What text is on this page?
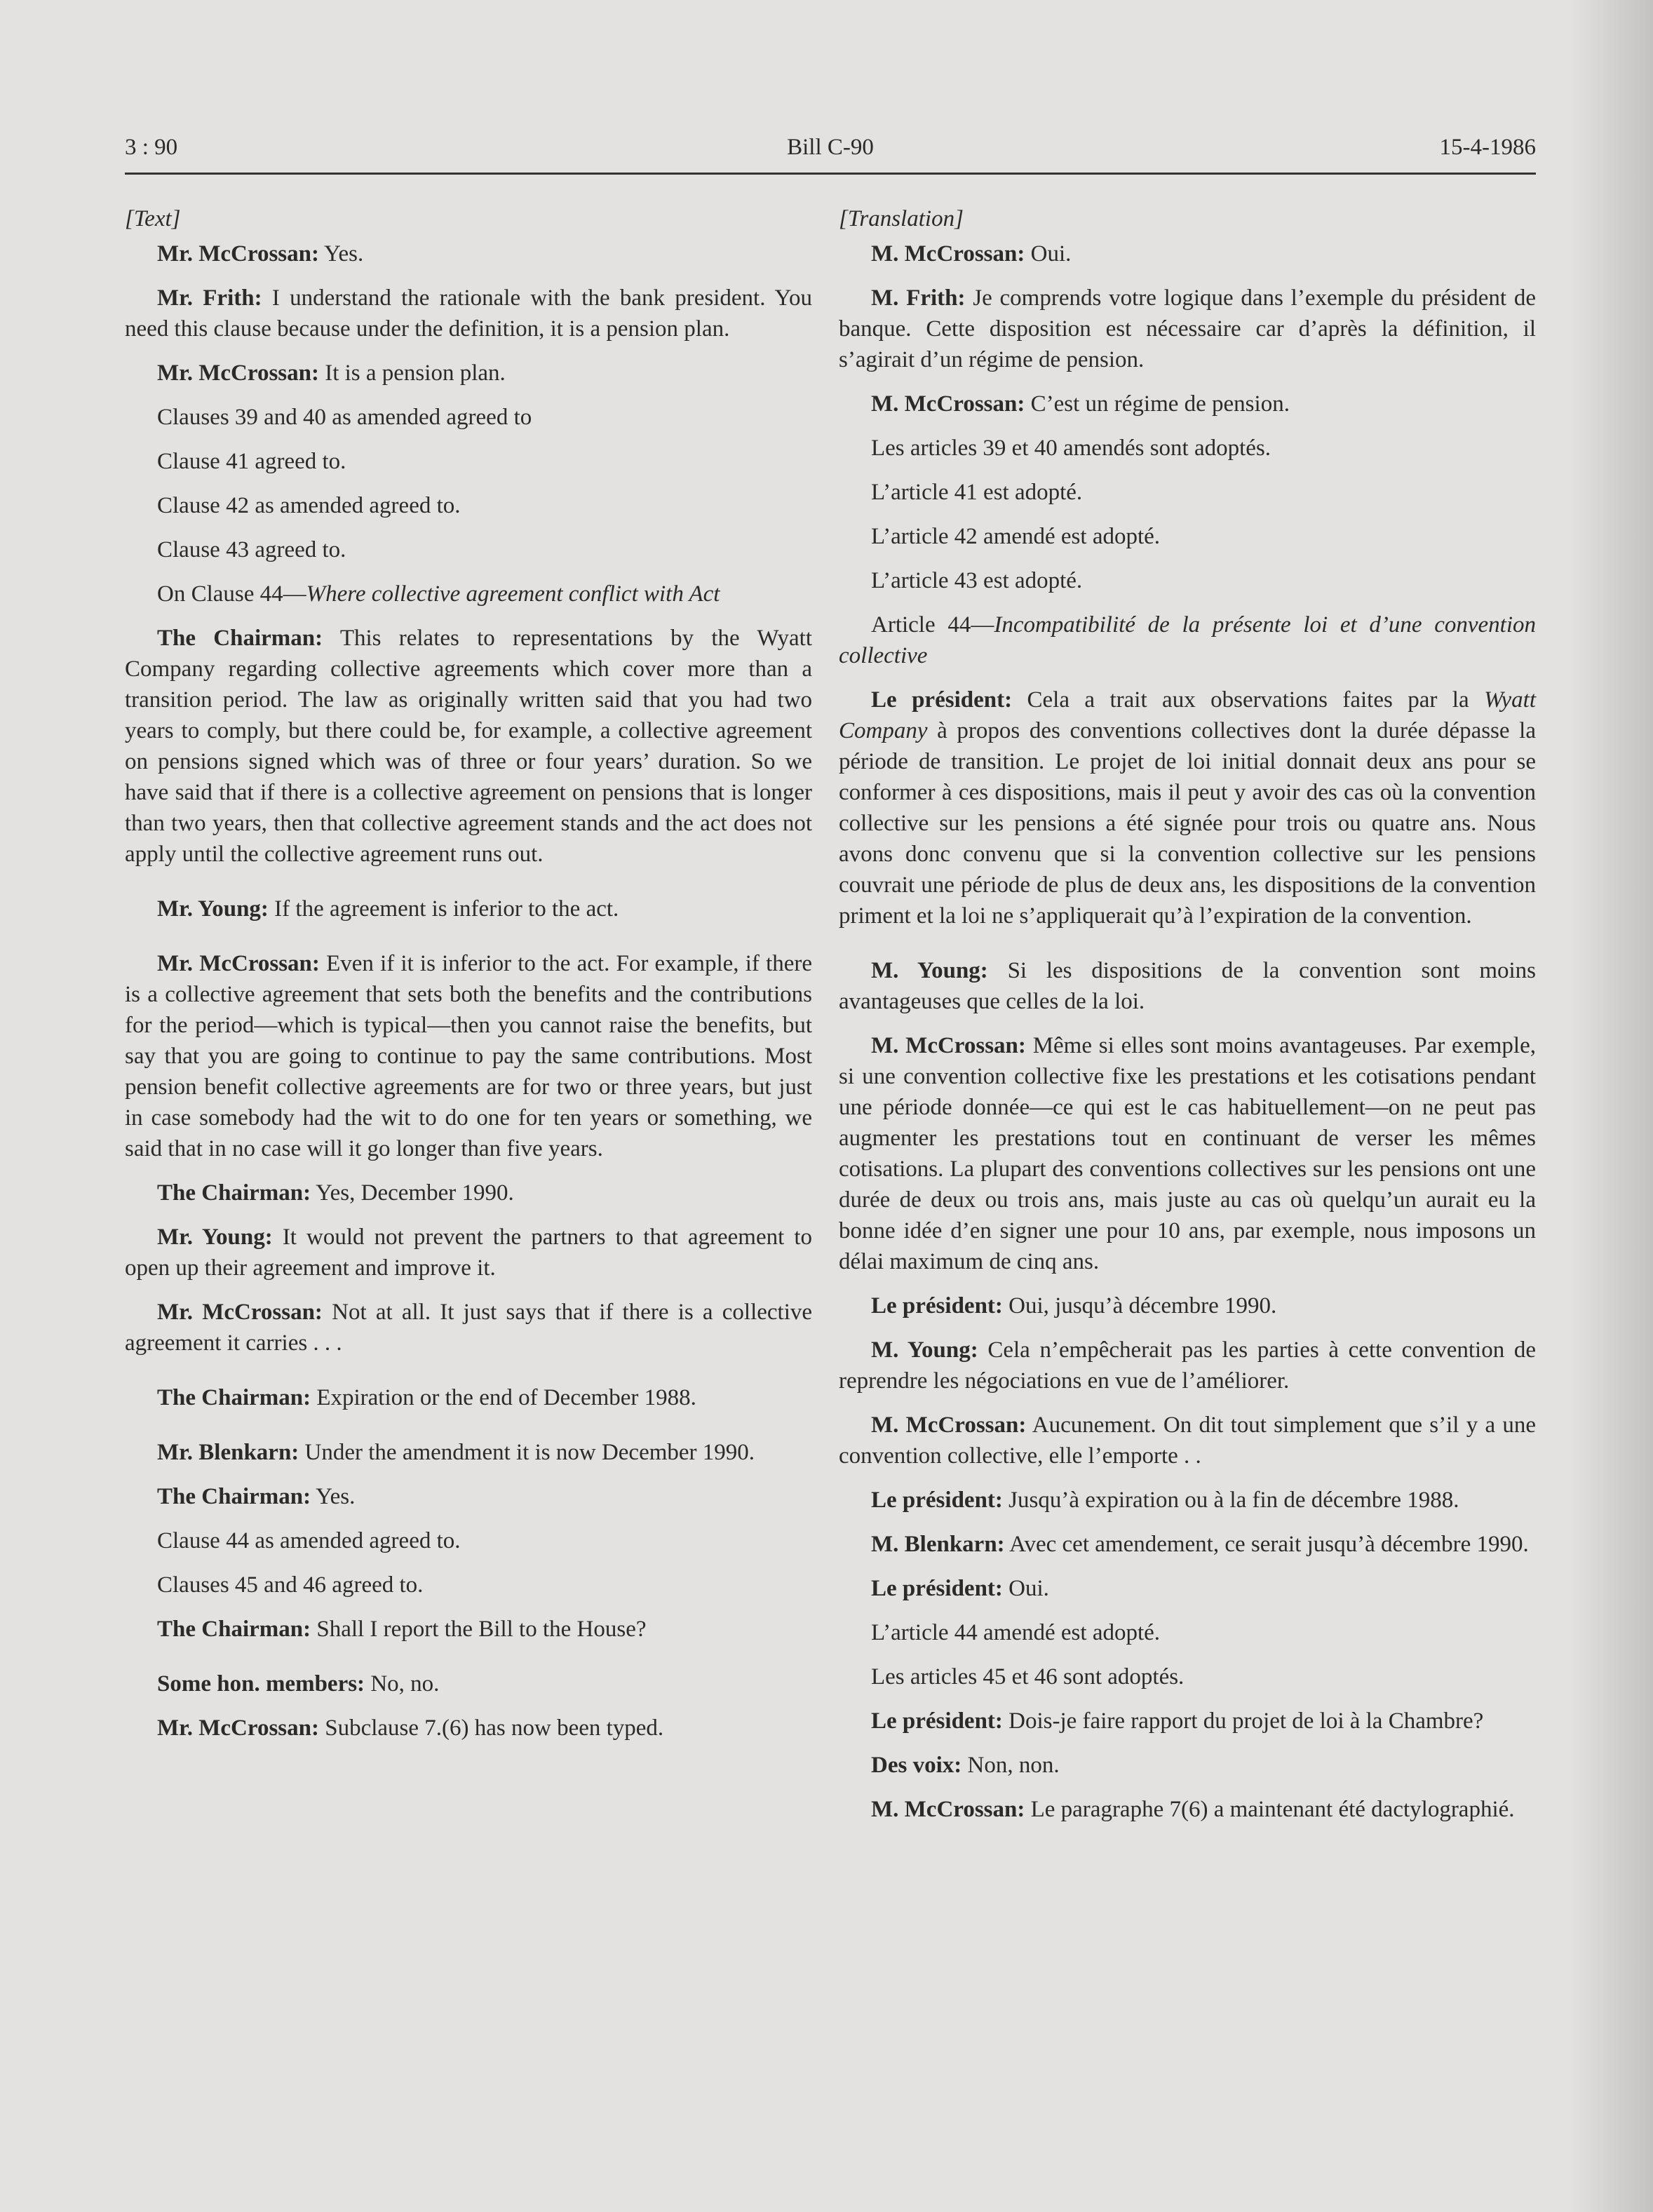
3 : 90	Bill C-90	15-4-1986

[Text]

Mr. McCrossan: Yes.

Mr. Frith: I understand the rationale with the bank president. You need this clause because under the definition, it is a pension plan.

Mr. McCrossan: It is a pension plan.

Clauses 39 and 40 as amended agreed to

Clause 41 agreed to.

Clause 42 as amended agreed to.

Clause 43 agreed to.

On Clause 44—Where collective agreement conflict with Act

The Chairman: This relates to representations by the Wyatt Company regarding collective agreements which cover more than a transition period. The law as originally written said that you had two years to comply, but there could be, for example, a collective agreement on pensions signed which was of three or four years’ duration. So we have said that if there is a collective agreement on pensions that is longer than two years, then that collective agreement stands and the act does not apply until the collective agreement runs out.

Mr. Young: If the agreement is inferior to the act.

Mr. McCrossan: Even if it is inferior to the act. For example, if there is a collective agreement that sets both the benefits and the contributions for the period—which is typical—then you cannot raise the benefits, but say that you are going to continue to pay the same contributions. Most pension benefit collective agreements are for two or three years, but just in case somebody had the wit to do one for ten years or something, we said that in no case will it go longer than five years.

The Chairman: Yes, December 1990.

Mr. Young: It would not prevent the partners to that agreement to open up their agreement and improve it.

Mr. McCrossan: Not at all. It just says that if there is a collective agreement it carries . . .

The Chairman: Expiration or the end of December 1988.

Mr. Blenkarn: Under the amendment it is now December 1990.

The Chairman: Yes.

Clause 44 as amended agreed to.

Clauses 45 and 46 agreed to.

The Chairman: Shall I report the Bill to the House?

Some hon. members: No, no.

Mr. McCrossan: Subclause 7.(6) has now been typed.

[Translation]

M. McCrossan: Oui.

M. Frith: Je comprends votre logique dans l’exemple du président de banque. Cette disposition est nécessaire car d’après la définition, il s’agirait d’un régime de pension.

M. McCrossan: C’est un régime de pension.

Les articles 39 et 40 amendés sont adoptés.

L’article 41 est adopté.

L’article 42 amendé est adopté.

L’article 43 est adopté.

Article 44—Incompatibilité de la présente loi et d’une convention collective

Le président: Cela a trait aux observations faites par la Wyatt Company à propos des conventions collectives dont la durée dépasse la période de transition. Le projet de loi initial donnait deux ans pour se conformer à ces dispositions, mais il peut y avoir des cas où la convention collective sur les pensions a été signée pour trois ou quatre ans. Nous avons donc convenu que si la convention collective sur les pensions couvrait une période de plus de deux ans, les dispositions de la convention priment et la loi ne s’appliquerait qu’à l’expiration de la convention.

M. Young: Si les dispositions de la convention sont moins avantageuses que celles de la loi.

M. McCrossan: Même si elles sont moins avantageuses. Par exemple, si une convention collective fixe les prestations et les cotisations pendant une période donnée—ce qui est le cas habituellement—on ne peut pas augmenter les prestations tout en continuant de verser les mêmes cotisations. La plupart des conventions collectives sur les pensions ont une durée de deux ou trois ans, mais juste au cas où quelqu’un aurait eu la bonne idée d’en signer une pour 10 ans, par exemple, nous imposons un délai maximum de cinq ans.

Le président: Oui, jusqu’à décembre 1990.

M. Young: Cela n’empêcherait pas les parties à cette convention de reprendre les négociations en vue de l’améliorer.

M. McCrossan: Aucunement. On dit tout simplement que s’il y a une convention collective, elle l’emporte . .

Le président: Jusqu’à expiration ou à la fin de décembre 1988.

M. Blenkarn: Avec cet amendement, ce serait jusqu’à décembre 1990.

Le président: Oui.

L’article 44 amendé est adopté.

Les articles 45 et 46 sont adoptés.

Le président: Dois-je faire rapport du projet de loi à la Chambre?

Des voix: Non, non.

M. McCrossan: Le paragraphe 7(6) a maintenant été dactylographié.
